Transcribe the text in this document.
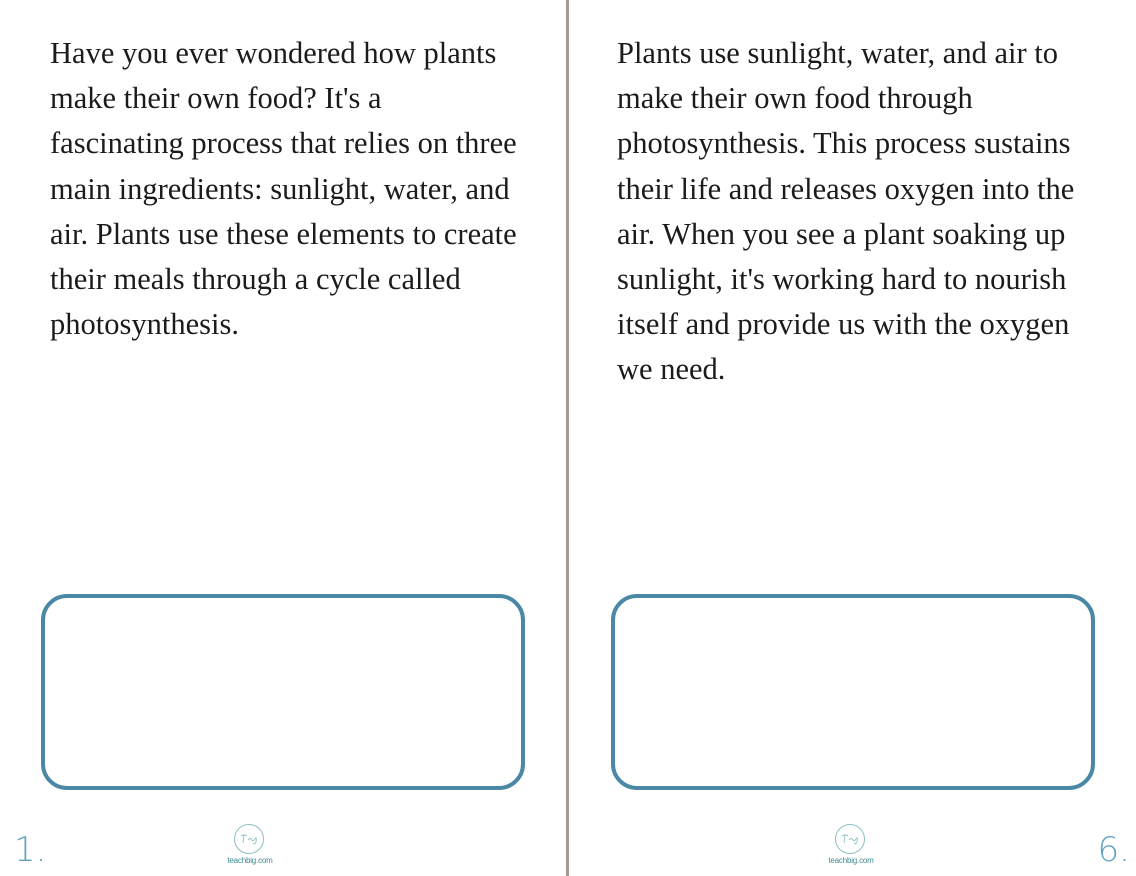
Have you ever wondered how plants make their own food? It's a fascinating process that relies on three main ingredients: sunlight, water, and air. Plants use these elements to create their meals through a cycle called photosynthesis.

teachbig.com
1.

Plants use sunlight, water, and air to make their own food through photosynthesis. This process sustains their life and releases oxygen into the air. When you see a plant soaking up sunlight, it's working hard to nourish itself and provide us with the oxygen we need.

teachbig.com	6.
